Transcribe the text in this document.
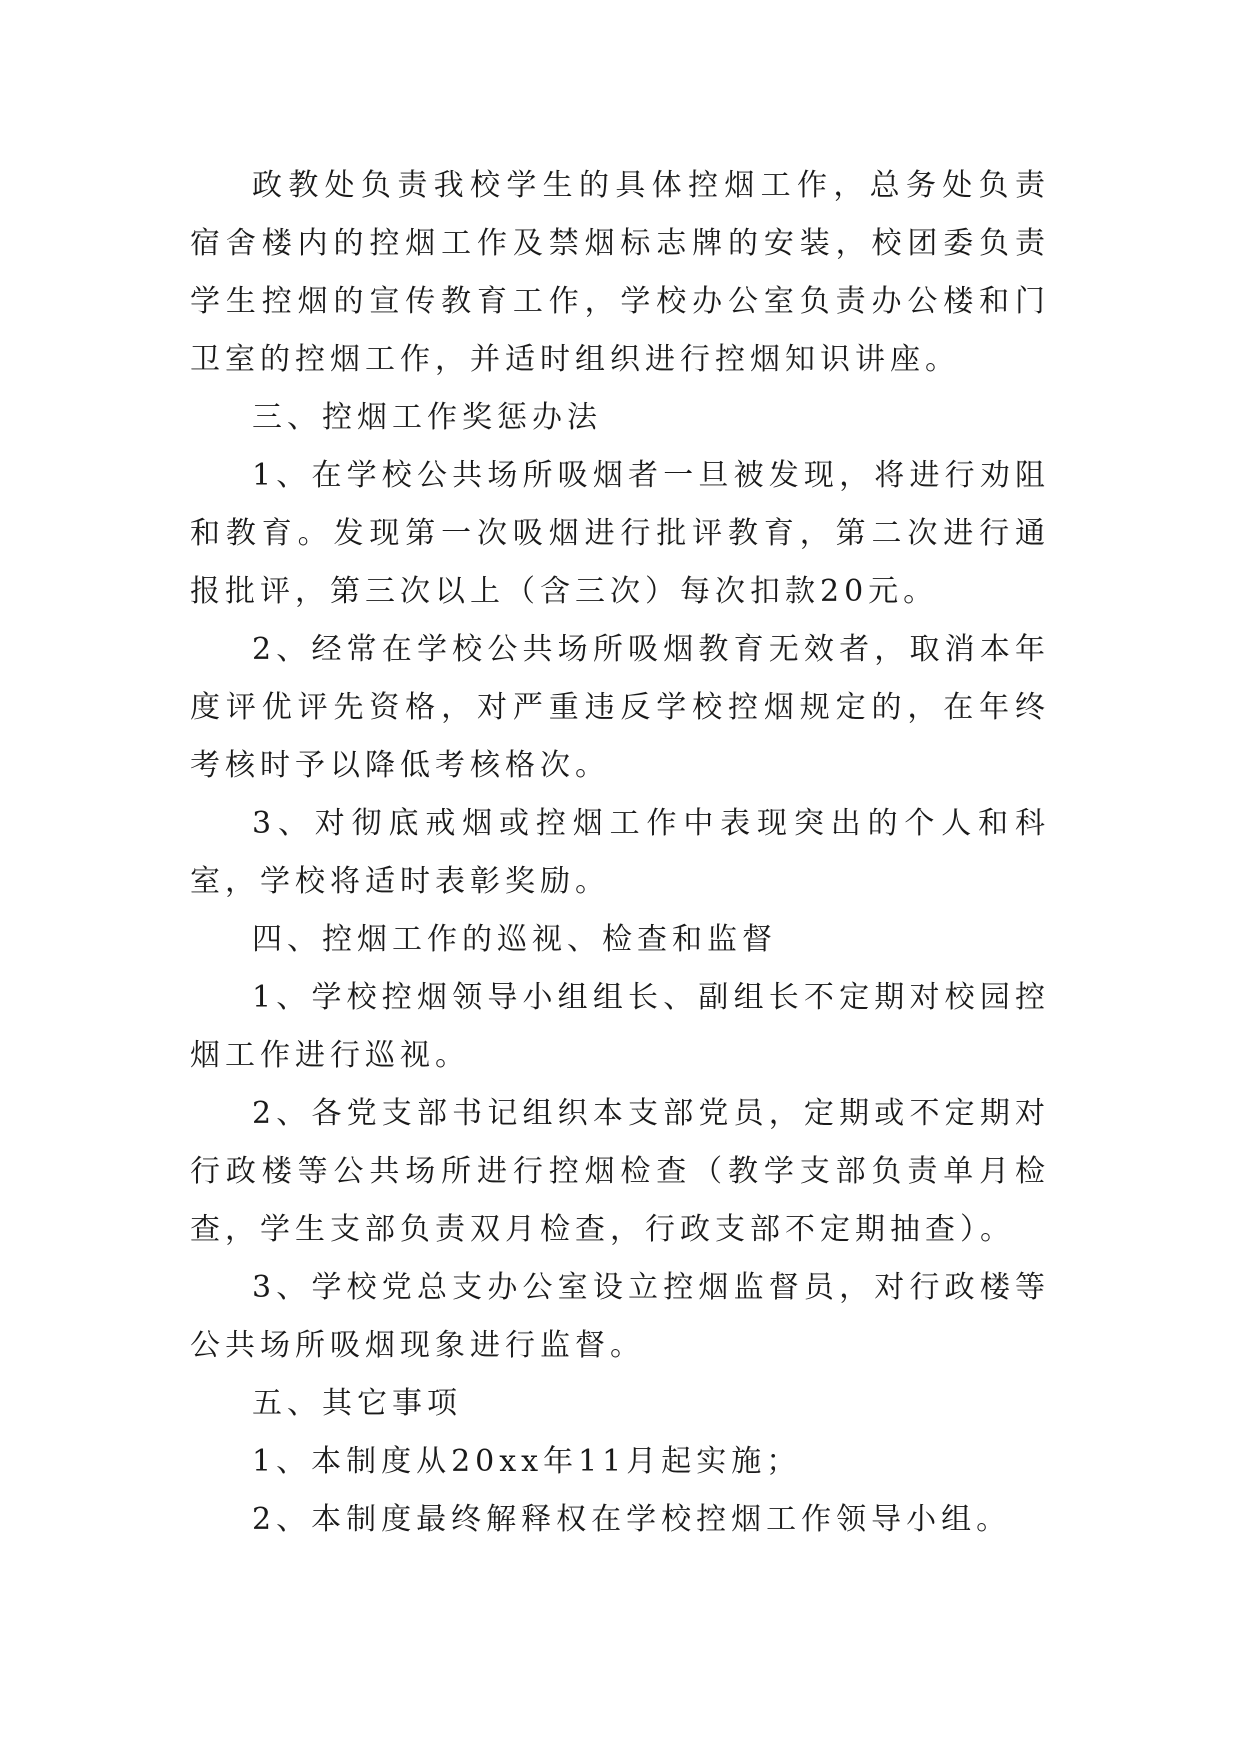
政教处负责我校学生的具体控烟工作，总务处负责宿舍楼内的控烟工作及禁烟标志牌的安装，校团委负责学生控烟的宣传教育工作，学校办公室负责办公楼和门卫室的控烟工作，并适时组织进行控烟知识讲座。

三、控烟工作奖惩办法

1、在学校公共场所吸烟者一旦被发现，将进行劝阻和教育。发现第一次吸烟进行批评教育，第二次进行通报批评，第三次以上（含三次）每次扣款20元。

2、经常在学校公共场所吸烟教育无效者，取消本年度评优评先资格，对严重违反学校控烟规定的，在年终考核时予以降低考核格次。

3、对彻底戒烟或控烟工作中表现突出的个人和科室，学校将适时表彰奖励。

四、控烟工作的巡视、检查和监督

1、学校控烟领导小组组长、副组长不定期对校园控烟工作进行巡视。

2、各党支部书记组织本支部党员，定期或不定期对行政楼等公共场所进行控烟检查（教学支部负责单月检查，学生支部负责双月检查，行政支部不定期抽查）。

3、学校党总支办公室设立控烟监督员，对行政楼等公共场所吸烟现象进行监督。

五、其它事项

1、本制度从20xx年11月起实施；

2、本制度最终解释权在学校控烟工作领导小组。
